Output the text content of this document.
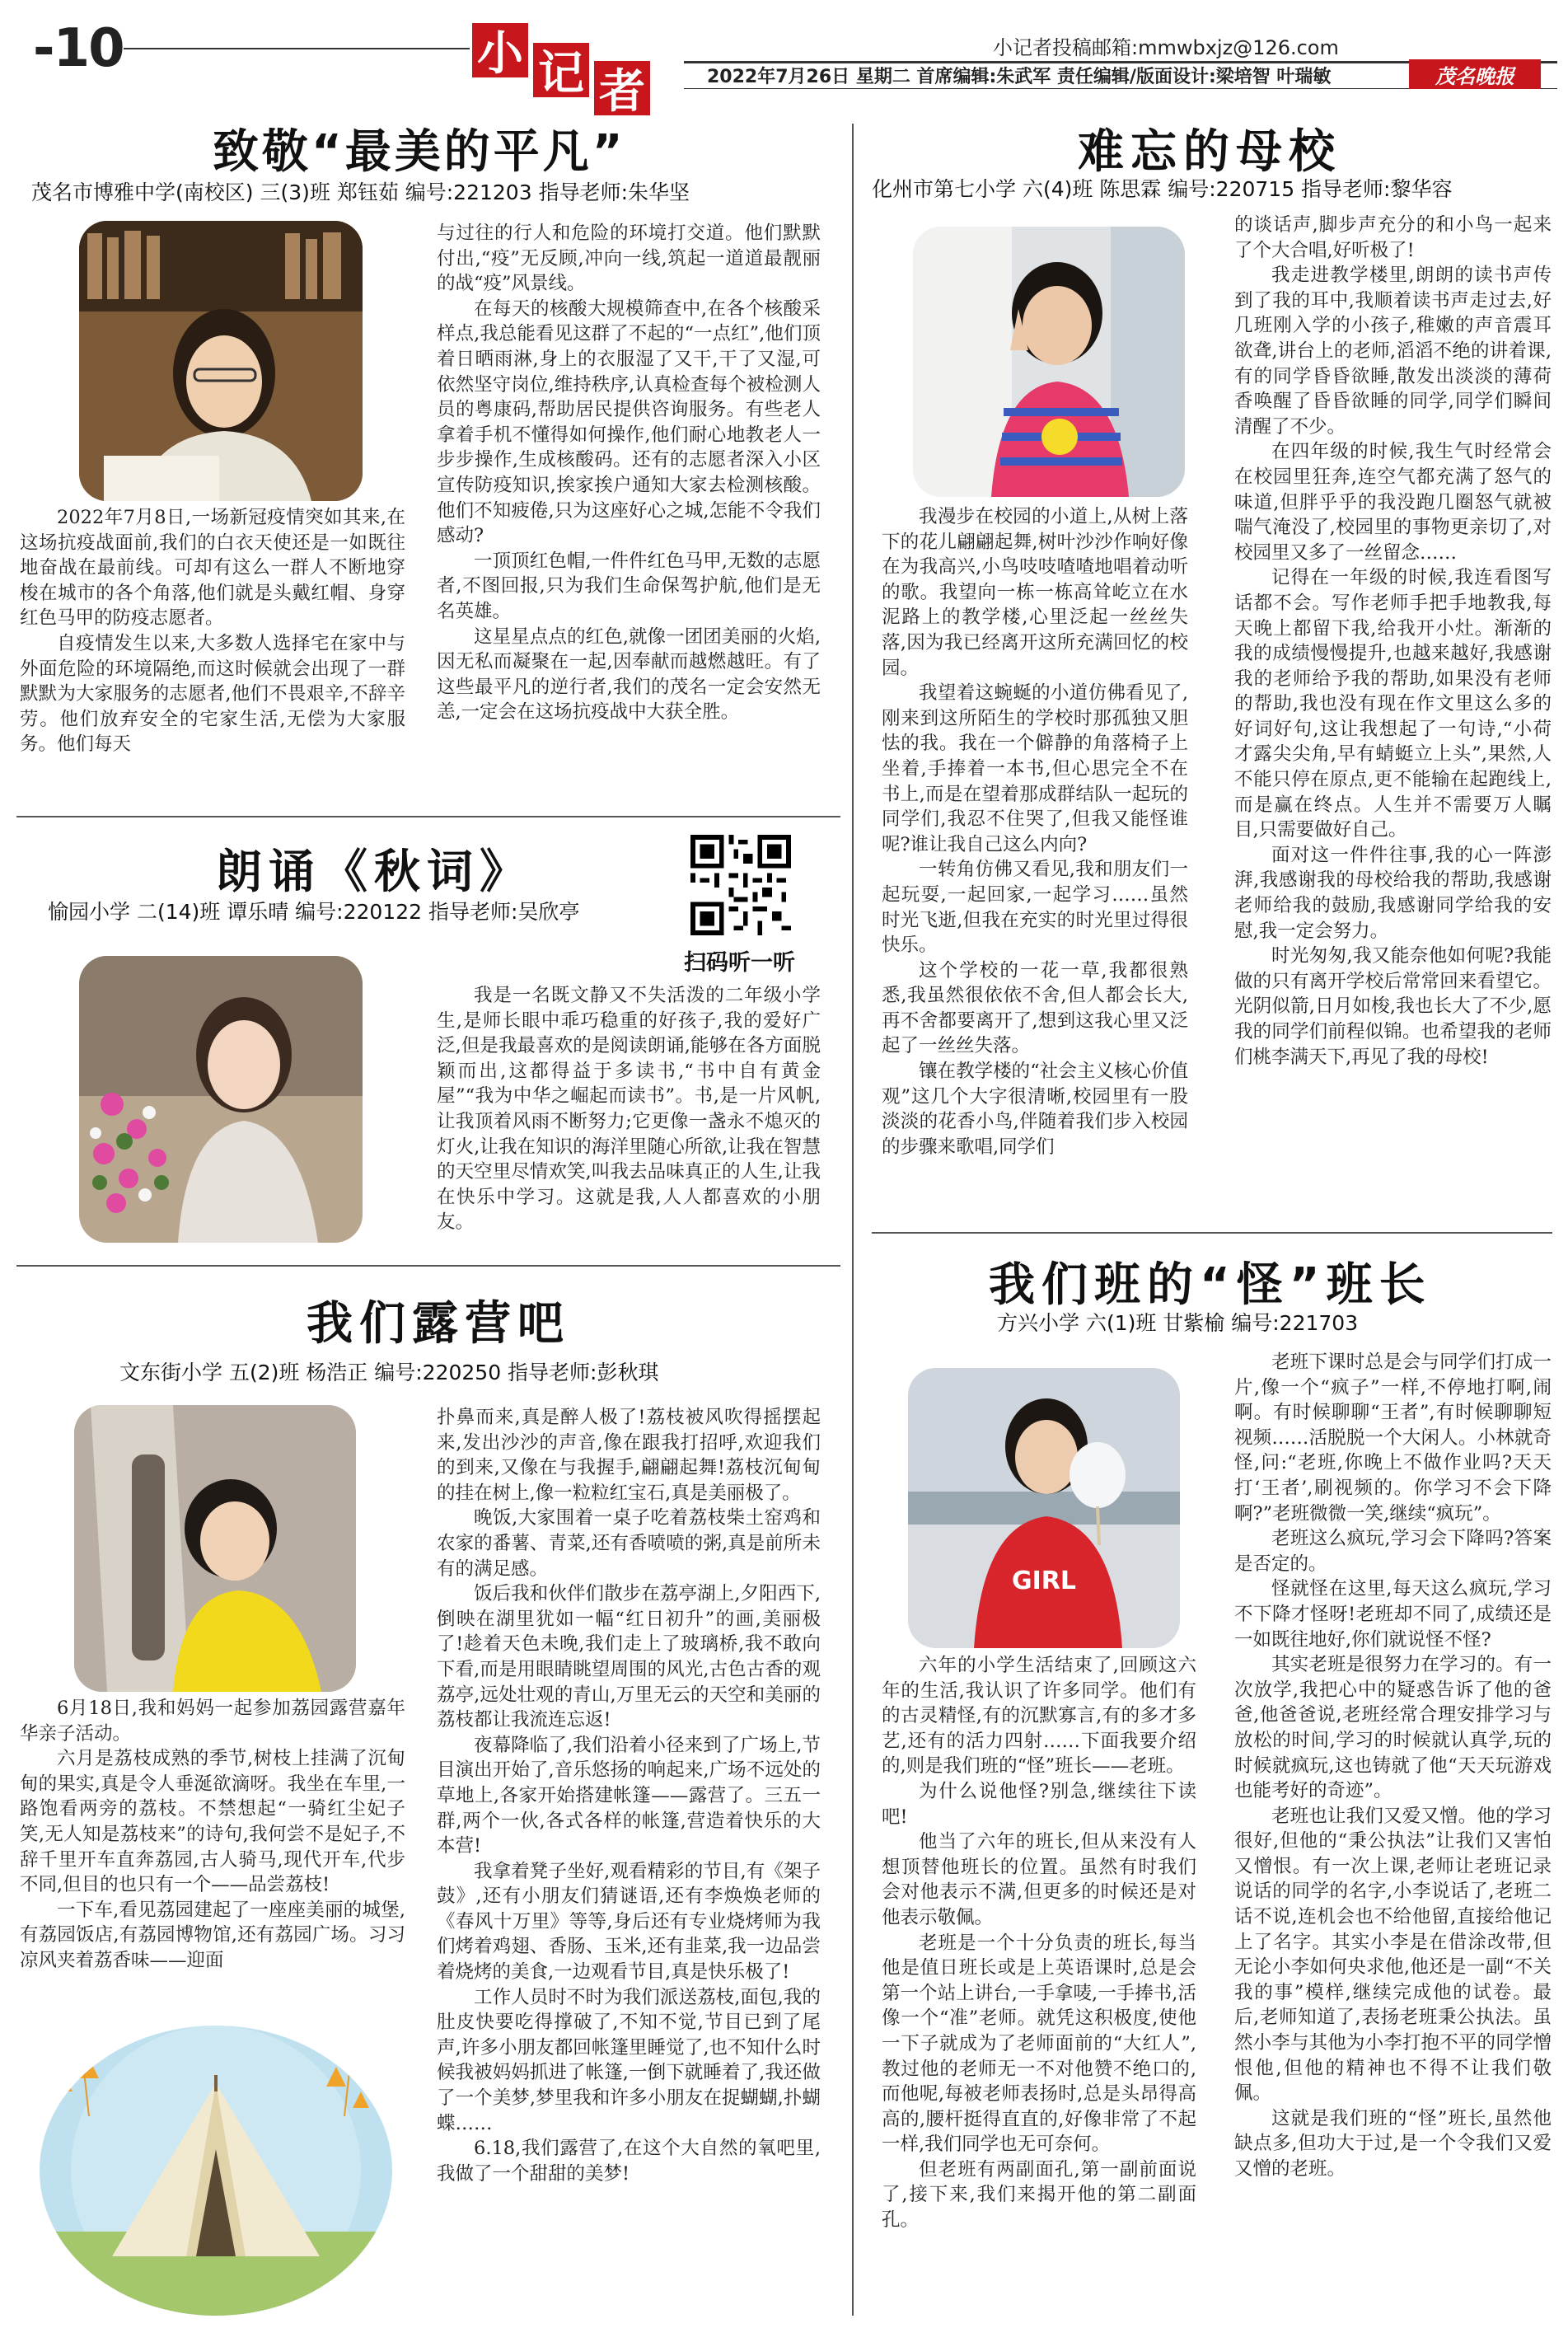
-10	小 记 者
小记者投稿邮箱:mmwbxjz@126.com
2022年7月26日 星期二 首席编辑:朱武军 责任编辑/版面设计:梁培智 叶瑞敏	茂名晚报
致敬“最美的平凡”
茂名市博雅中学(南校区) 三(3)班 郑钰茹 编号:221203 指导老师:朱华坚

2022年7月8日,一场新冠疫情突如其来,在这场抗疫战面前,我们的白衣天使还是一如既往地奋战在最前线。可却有这么一群人不断地穿梭在城市的各个角落,他们就是头戴红帽、身穿红色马甲的防疫志愿者。

自疫情发生以来,大多数人选择宅在家中与外面危险的环境隔绝,而这时候就会出现了一群默默为大家服务的志愿者,他们不畏艰辛,不辞辛劳。他们放弃安全的宅家生活,无偿为大家服务。他们每天

与过往的行人和危险的环境打交道。他们默默付出,“疫”无反顾,冲向一线,筑起一道道最靓丽的战“疫”风景线。

在每天的核酸大规模筛查中,在各个核酸采样点,我总能看见这群了不起的“一点红”,他们顶着日晒雨淋,身上的衣服湿了又干,干了又湿,可依然坚守岗位,维持秩序,认真检查每个被检测人员的粤康码,帮助居民提供咨询服务。有些老人拿着手机不懂得如何操作,他们耐心地教老人一步步操作,生成核酸码。还有的志愿者深入小区宣传防疫知识,挨家挨户通知大家去检测核酸。他们不知疲倦,只为这座好心之城,怎能不令我们感动?

一顶顶红色帽,一件件红色马甲,无数的志愿者,不图回报,只为我们生命保驾护航,他们是无名英雄。

这星星点点的红色,就像一团团美丽的火焰,因无私而凝聚在一起,因奉献而越燃越旺。有了这些最平凡的逆行者,我们的茂名一定会安然无恙,一定会在这场抗疫战中大获全胜。

朗诵《秋词》
愉园小学 二(14)班 谭乐晴 编号:220122 指导老师:吴欣亭
扫码听一听

我是一名既文静又不失活泼的二年级小学生,是师长眼中乖巧稳重的好孩子,我的爱好广泛,但是我最喜欢的是阅读朗诵,能够在各方面脱颖而出,这都得益于多读书,“书中自有黄金屋”“我为中华之崛起而读书”。书,是一片风帆,让我顶着风雨不断努力;它更像一盏永不熄灭的灯火,让我在知识的海洋里随心所欲,让我在智慧的天空里尽情欢笑,叫我去品味真正的人生,让我在快乐中学习。这就是我,人人都喜欢的小朋友。

我们露营吧
文东街小学 五(2)班 杨浩正 编号:220250 指导老师:彭秋琪

6月18日,我和妈妈一起参加荔园露营嘉年华亲子活动。

六月是荔枝成熟的季节,树枝上挂满了沉甸甸的果实,真是令人垂涎欲滴呀。我坐在车里,一路饱看两旁的荔枝。不禁想起“一骑红尘妃子笑,无人知是荔枝来”的诗句,我何尝不是妃子,不辞千里开车直奔荔园,古人骑马,现代开车,代步不同,但目的也只有一个——品尝荔枝!

一下车,看见荔园建起了一座座美丽的城堡,有荔园饭店,有荔园博物馆,还有荔园广场。习习凉风夹着荔香味——迎面

扑鼻而来,真是醉人极了!荔枝被风吹得摇摆起来,发出沙沙的声音,像在跟我打招呼,欢迎我们的到来,又像在与我握手,翩翩起舞!荔枝沉甸甸的挂在树上,像一粒粒红宝石,真是美丽极了。

晚饭,大家围着一桌子吃着荔枝柴土窑鸡和农家的番薯、青菜,还有香喷喷的粥,真是前所未有的满足感。

饭后我和伙伴们散步在荔亭湖上,夕阳西下,倒映在湖里犹如一幅“红日初升”的画,美丽极了!趁着天色未晚,我们走上了玻璃桥,我不敢向下看,而是用眼睛眺望周围的风光,古色古香的观荔亭,远处壮观的青山,万里无云的天空和美丽的荔枝都让我流连忘返!

夜幕降临了,我们沿着小径来到了广场上,节目演出开始了,音乐悠扬的响起来,广场不远处的草地上,各家开始搭建帐篷——露营了。三五一群,两个一伙,各式各样的帐篷,营造着快乐的大本营!

我拿着凳子坐好,观看精彩的节目,有《架子鼓》,还有小朋友们猜谜语,还有李焕焕老师的《春风十万里》等等,身后还有专业烧烤师为我们烤着鸡翅、香肠、玉米,还有韭菜,我一边品尝着烧烤的美食,一边观看节目,真是快乐极了!

工作人员时不时为我们派送荔枝,面包,我的肚皮快要吃得撑破了,不知不觉,节目已到了尾声,许多小朋友都回帐篷里睡觉了,也不知什么时候我被妈妈抓进了帐篷,一倒下就睡着了,我还做了一个美梦,梦里我和许多小朋友在捉蝴蝴,扑蝴蝶……

6.18,我们露营了,在这个大自然的氧吧里,我做了一个甜甜的美梦!

难忘的母校
化州市第七小学 六(4)班 陈思霖 编号:220715 指导老师:黎华容

我漫步在校园的小道上,从树上落下的花儿翩翩起舞,树叶沙沙作响好像在为我高兴,小鸟吱吱喳喳地唱着动听的歌。我望向一栋一栋高耸屹立在水泥路上的教学楼,心里泛起一丝丝失落,因为我已经离开这所充满回忆的校园。

我望着这蜿蜒的小道仿佛看见了,刚来到这所陌生的学校时那孤独又胆怯的我。我在一个僻静的角落椅子上坐着,手捧着一本书,但心思完全不在书上,而是在望着那成群结队一起玩的同学们,我忍不住哭了,但我又能怪谁呢?谁让我自己这么内向?

一转角仿佛又看见,我和朋友们一起玩耍,一起回家,一起学习……虽然时光飞逝,但我在充实的时光里过得很快乐。

这个学校的一花一草,我都很熟悉,我虽然很依依不舍,但人都会长大,再不舍都要离开了,想到这我心里又泛起了一丝丝失落。

镶在教学楼的“社会主义核心价值观”这几个大字很清晰,校园里有一股淡淡的花香小鸟,伴随着我们步入校园的步骤来歌唱,同学们

的谈话声,脚步声充分的和小鸟一起来了个大合唱,好听极了!

我走进教学楼里,朗朗的读书声传到了我的耳中,我顺着读书声走过去,好几班刚入学的小孩子,稚嫩的声音震耳欲聋,讲台上的老师,滔滔不绝的讲着课,有的同学昏昏欲睡,散发出淡淡的薄荷香唤醒了昏昏欲睡的同学,同学们瞬间清醒了不少。

在四年级的时候,我生气时经常会在校园里狂奔,连空气都充满了怒气的味道,但胖乎乎的我没跑几圈怒气就被喘气淹没了,校园里的事物更亲切了,对校园里又多了一丝留念……

记得在一年级的时候,我连看图写话都不会。写作老师手把手地教我,每天晚上都留下我,给我开小灶。渐渐的我的成绩慢慢提升,也越来越好,我感谢我的老师给予我的帮助,如果没有老师的帮助,我也没有现在作文里这么多的好词好句,这让我想起了一句诗,“小荷才露尖尖角,早有蜻蜓立上头”,果然,人不能只停在原点,更不能输在起跑线上,而是赢在终点。人生并不需要万人瞩目,只需要做好自己。

面对这一件件往事,我的心一阵澎湃,我感谢我的母校给我的帮助,我感谢老师给我的鼓励,我感谢同学给我的安慰,我一定会努力。

时光匆匆,我又能奈他如何呢?我能做的只有离开学校后常常回来看望它。光阴似箭,日月如梭,我也长大了不少,愿我的同学们前程似锦。也希望我的老师们桃李满天下,再见了我的母校!

我们班的“怪”班长
方兴小学 六(1)班 甘紫榆 编号:221703
GIRL

六年的小学生活结束了,回顾这六年的生活,我认识了许多同学。他们有的古灵精怪,有的沉默寡言,有的多才多艺,还有的活力四射……下面我要介绍的,则是我们班的“怪”班长——老班。

为什么说他怪?别急,继续往下读吧!

他当了六年的班长,但从来没有人想顶替他班长的位置。虽然有时我们会对他表示不满,但更多的时候还是对他表示敬佩。

老班是一个十分负责的班长,每当他是值日班长或是上英语课时,总是会第一个站上讲台,一手拿唛,一手捧书,活像一个“准”老师。就凭这积极度,使他一下子就成为了老师面前的“大红人”,教过他的老师无一不对他赞不绝口的,而他呢,每被老师表扬时,总是头昂得高高的,腰杆挺得直直的,好像非常了不起一样,我们同学也无可奈何。

但老班有两副面孔,第一副前面说了,接下来,我们来揭开他的第二副面孔。

老班下课时总是会与同学们打成一片,像一个“疯子”一样,不停地打啊,闹啊。有时候聊聊“王者”,有时候聊聊短视频……活脱脱一个大闲人。小林就奇怪,问:“老班,你晚上不做作业吗?天天打‘王者’,刷视频的。你学习不会下降啊?”老班微微一笑,继续“疯玩”。

老班这么疯玩,学习会下降吗?答案是否定的。

怪就怪在这里,每天这么疯玩,学习不下降才怪呀!老班却不同了,成绩还是一如既往地好,你们就说怪不怪?

其实老班是很努力在学习的。有一次放学,我把心中的疑惑告诉了他的爸爸,他爸爸说,老班经常合理安排学习与放松的时间,学习的时候就认真学,玩的时候就疯玩,这也铸就了他“天天玩游戏也能考好的奇迹”。

老班也让我们又爱又憎。他的学习很好,但他的“秉公执法”让我们又害怕又憎恨。有一次上课,老师让老班记录说话的同学的名字,小李说话了,老班二话不说,连机会也不给他留,直接给他记上了名字。其实小李是在借涂改带,但无论小李如何央求他,他还是一副“不关我的事”模样,继续完成他的试卷。最后,老师知道了,表扬老班秉公执法。虽然小李与其他为小李打抱不平的同学憎恨他,但他的精神也不得不让我们敬佩。

这就是我们班的“怪”班长,虽然他缺点多,但功大于过,是一个令我们又爱又憎的老班。
